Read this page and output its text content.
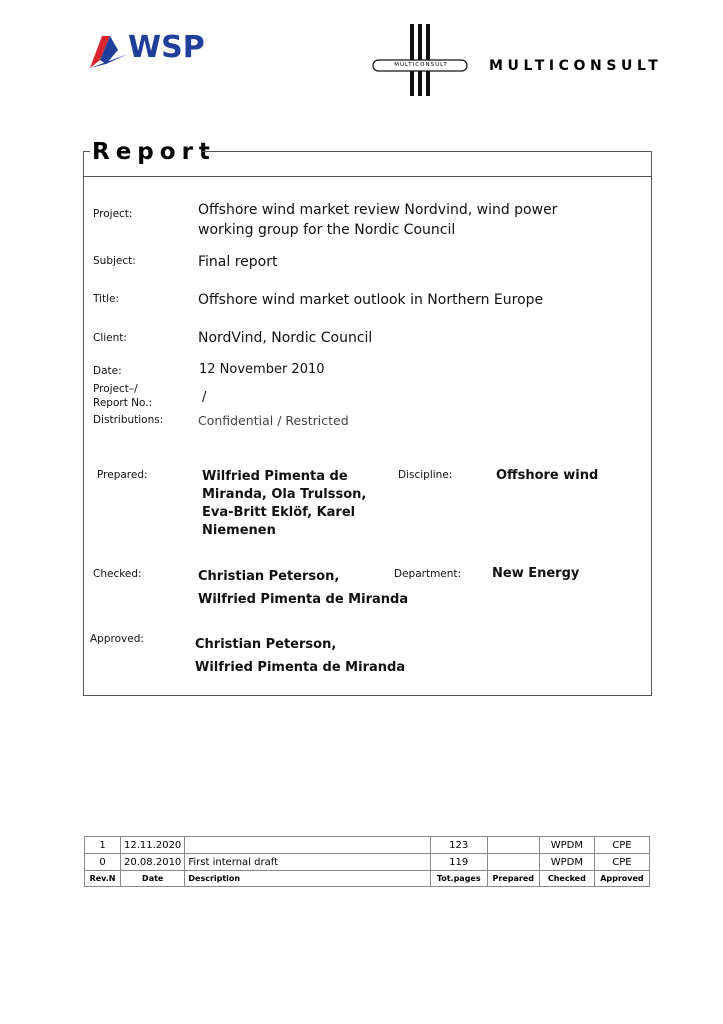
WSP	MULTICONSULT	MULTICONSULT
Report
Project:	Offshore wind market review Nordvind, wind power working group for the Nordic Council
Subject:	Final report
Title:	Offshore wind market outlook in Northern Europe
Client:	NordVind, Nordic Council
Date:	12 November 2010
Project–/
Report No.:	/
Distributions:	Confidential / Restricted
Prepared:	Wilfried Pimenta de
Miranda, Ola Trulsson,
Eva-Britt Eklöf, Karel
Niemenen
Discipline:	Offshore wind
Checked:	Christian Peterson,
Wilfried Pimenta de Miranda
Department: New Energy
Approved:	Christian Peterson,
Wilfried Pimenta de Miranda
1	12.11.2020		123		WPDM	CPE
0	20.08.2010	First internal draft	119		WPDM	CPE
Rev.N	Date	Description	Tot.pages	Prepared	Checked	Approved
